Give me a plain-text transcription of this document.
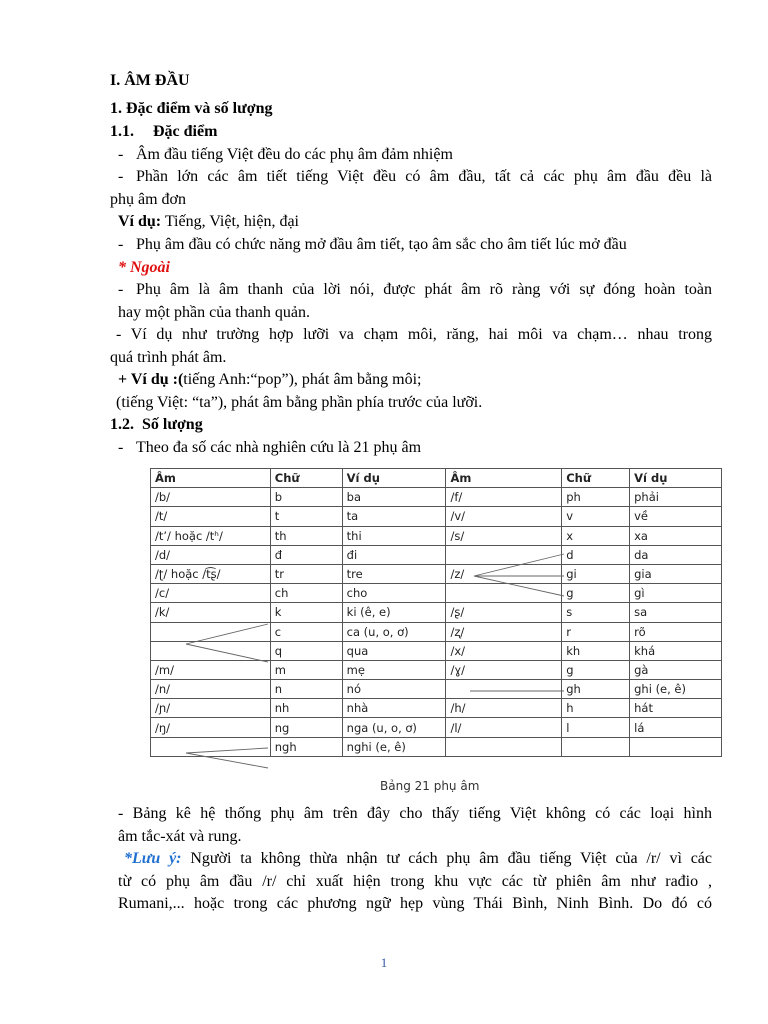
I. ÂM ĐẦU
1. Đặc điểm và số lượng
1.1. Đặc điểm
- Âm đầu tiếng Việt đều do các phụ âm đảm nhiệm
- Phần lớn các âm tiết tiếng Việt đều có âm đầu, tất cả các phụ âm đầu đều là
phụ âm đơn
Ví dụ: Tiếng, Việt, hiện, đại
- Phụ âm đầu có chức năng mở đầu âm tiết, tạo âm sắc cho âm tiết lúc mở đầu
* Ngoài
- Phụ âm là âm thanh của lời nói, được phát âm rõ ràng với sự đóng hoàn toàn
hay một phần của thanh quản.
- Ví dụ như trường hợp lưỡi va chạm môi, răng, hai môi va chạm… nhau trong
quá trình phát âm.
+ Ví dụ :(tiếng Anh:“pop”), phát âm bằng môi;
(tiếng Việt: “ta”), phát âm bằng phần phía trước của lưỡi.
1.2. Số lượng
- Theo đa số các nhà nghiên cứu là 21 phụ âm
Âm	Chữ	Ví dụ	Âm	Chữ	Ví dụ
/b/	b	ba	/f/	ph	phải
/t/	t	ta	/v/	v	về
/t’/ hoặc /tʰ/	th	thi	/s/	x	xa
/d/	đ	đi		d	da
/ʈ/ hoặc /t͡ʂ/	tr	tre	/z/	gi	gia
/c/	ch	cho		g	gì
/k/	k	ki (ê, e)	/ʂ/	s	sa
	c	ca (u, o, ơ)	/ʐ/	r	rõ
	q	qua	/x/	kh	khá
/m/	m	mẹ	/ɣ/	g	gà
/n/	n	nó		gh	ghi (e, ê)
/ɲ/	nh	nhà	/h/	h	hát
/ŋ/	ng	nga (u, o, ơ)	/l/	l	lá
	ngh	nghi (e, ê)			
Bảng 21 phụ âm
- Bảng kê hệ thống phụ âm trên đây cho thấy tiếng Việt không có các loại hình
âm tắc-xát và rung.
*Lưu ý: Người ta không thừa nhận tư cách phụ âm đầu tiếng Việt của /r/ vì các
từ có phụ âm đầu /r/ chỉ xuất hiện trong khu vực các từ phiên âm như rađio ,
Rumani,... hoặc trong các phương ngữ hẹp vùng Thái Bình, Ninh Bình. Do đó có
1
